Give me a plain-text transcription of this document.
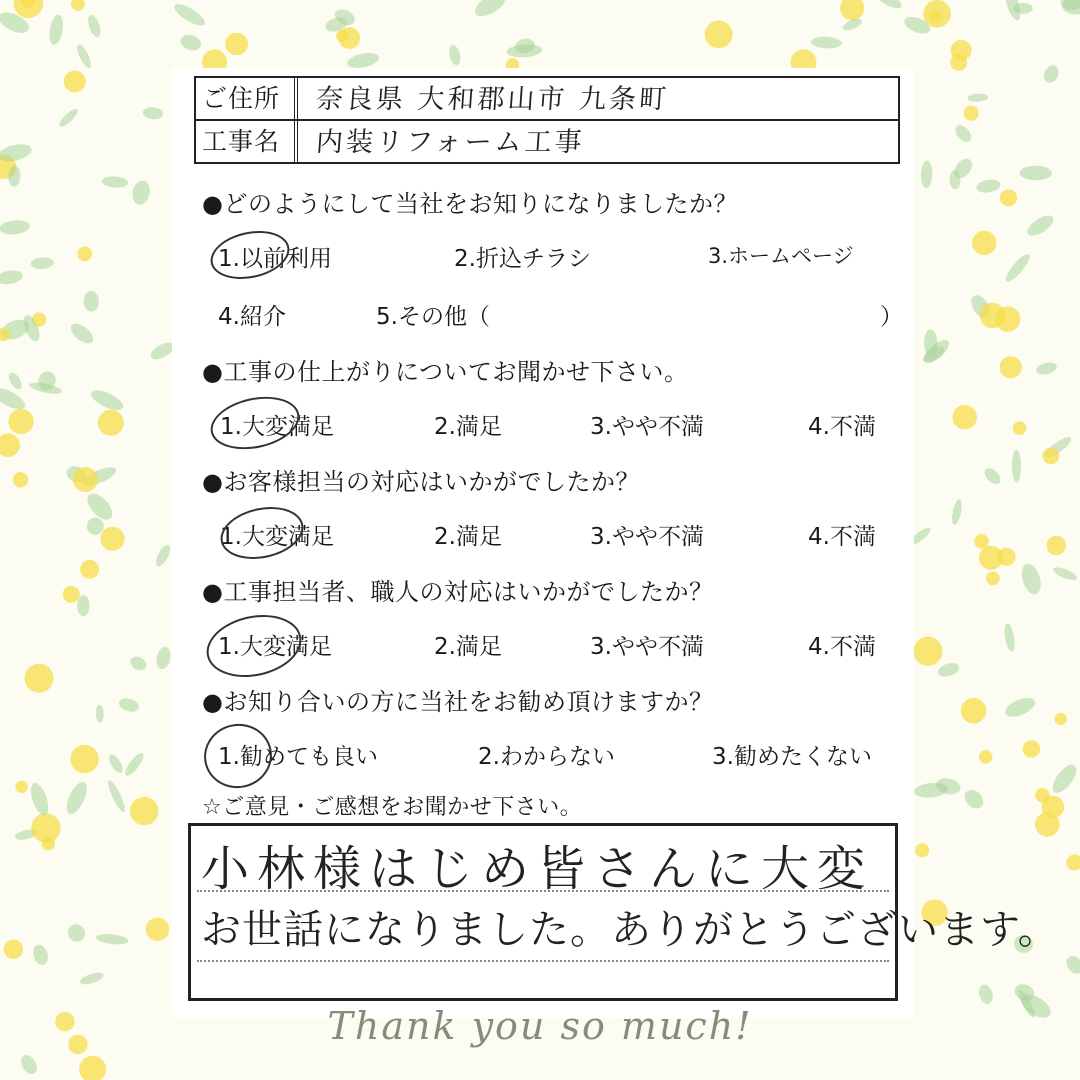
ご住所	奈良県 大和郡山市 九条町
工事名	内装リフォーム工事
●どのようにして当社をお知りになりましたか？
1.以前利用	2.折込チラシ	3.ホームページ
4.紹介	5.その他（	）
●工事の仕上がりについてお聞かせ下さい。
1.大変満足	2.満足	3.やや不満	4.不満
●お客様担当の対応はいかがでしたか？
1.大変満足	2.満足	3.やや不満	4.不満
●工事担当者、職人の対応はいかがでしたか？
1.大変満足	2.満足	3.やや不満	4.不満
●お知り合いの方に当社をお勧め頂けますか？
1.勧めても良い	2.わからない	3.勧めたくない
☆ご意見・ご感想をお聞かせ下さい。
小林様はじめ皆さんに大変
お世話になりました。ありがとうございます。
Thank you so much!
